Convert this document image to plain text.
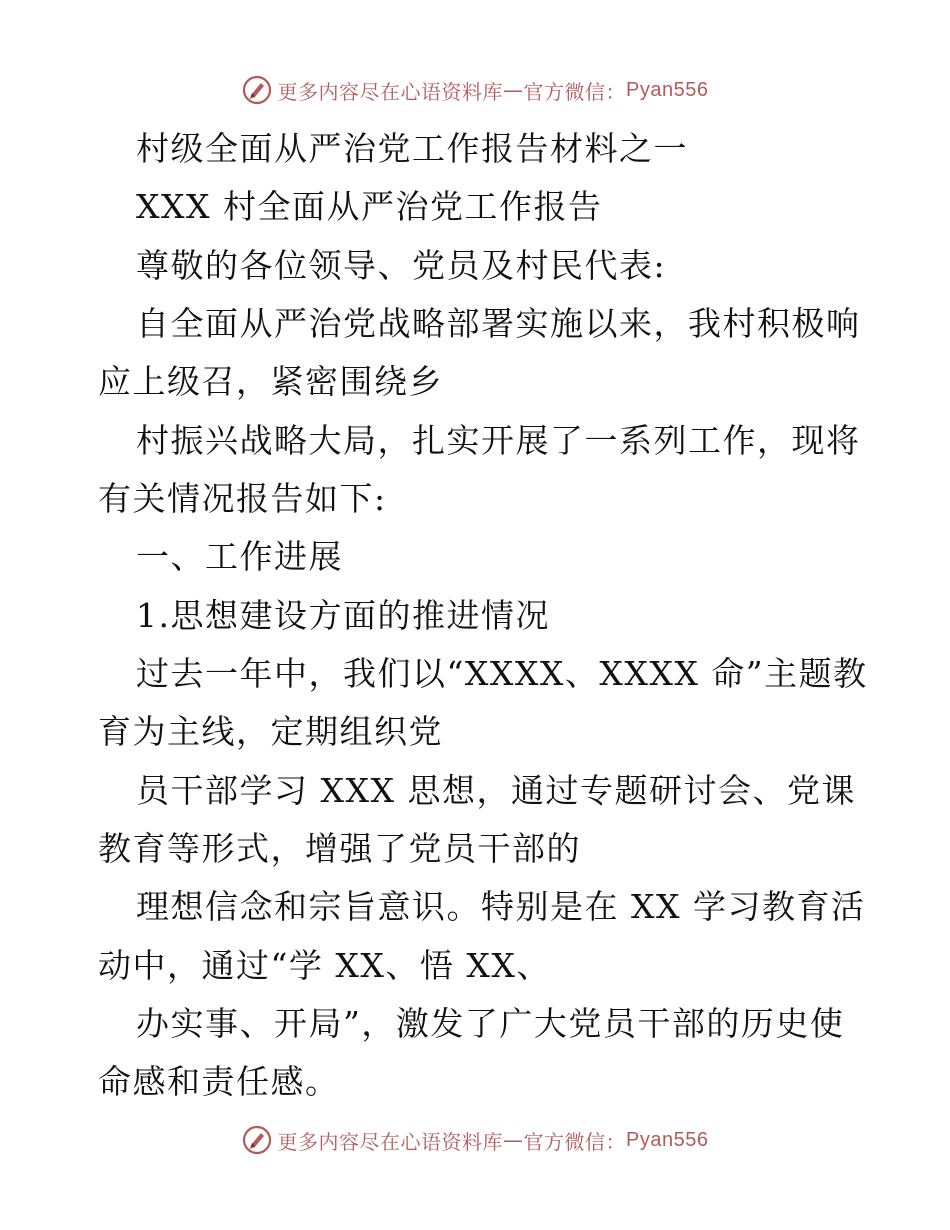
更多内容尽在心语资料库 — 官方微信： Pyan556
村级全面从严治党工作报告材料之一
XXX 村全面从严治党工作报告
尊敬的各位领导、党员及村民代表:
自全面从严治党战略部署实施以来，我村积极响
应上级召，紧密围绕乡
村振兴战略大局，扎实开展了一系列工作，现将
有关情况报告如下:
一、工作进展
1.思想建设方面的推进情况
过去一年中，我们以“XXXX、XXXX 命”主题教
育为主线，定期组织党
员干部学习 XXX 思想，通过专题研讨会、党课
教育等形式，增强了党员干部的
理想信念和宗旨意识。特别是在 XX 学习教育活
动中，通过“学 XX、悟 XX、
办实事、开局”，激发了广大党员干部的历史使
命感和责任感。
更多内容尽在心语资料库 — 官方微信： Pyan556
